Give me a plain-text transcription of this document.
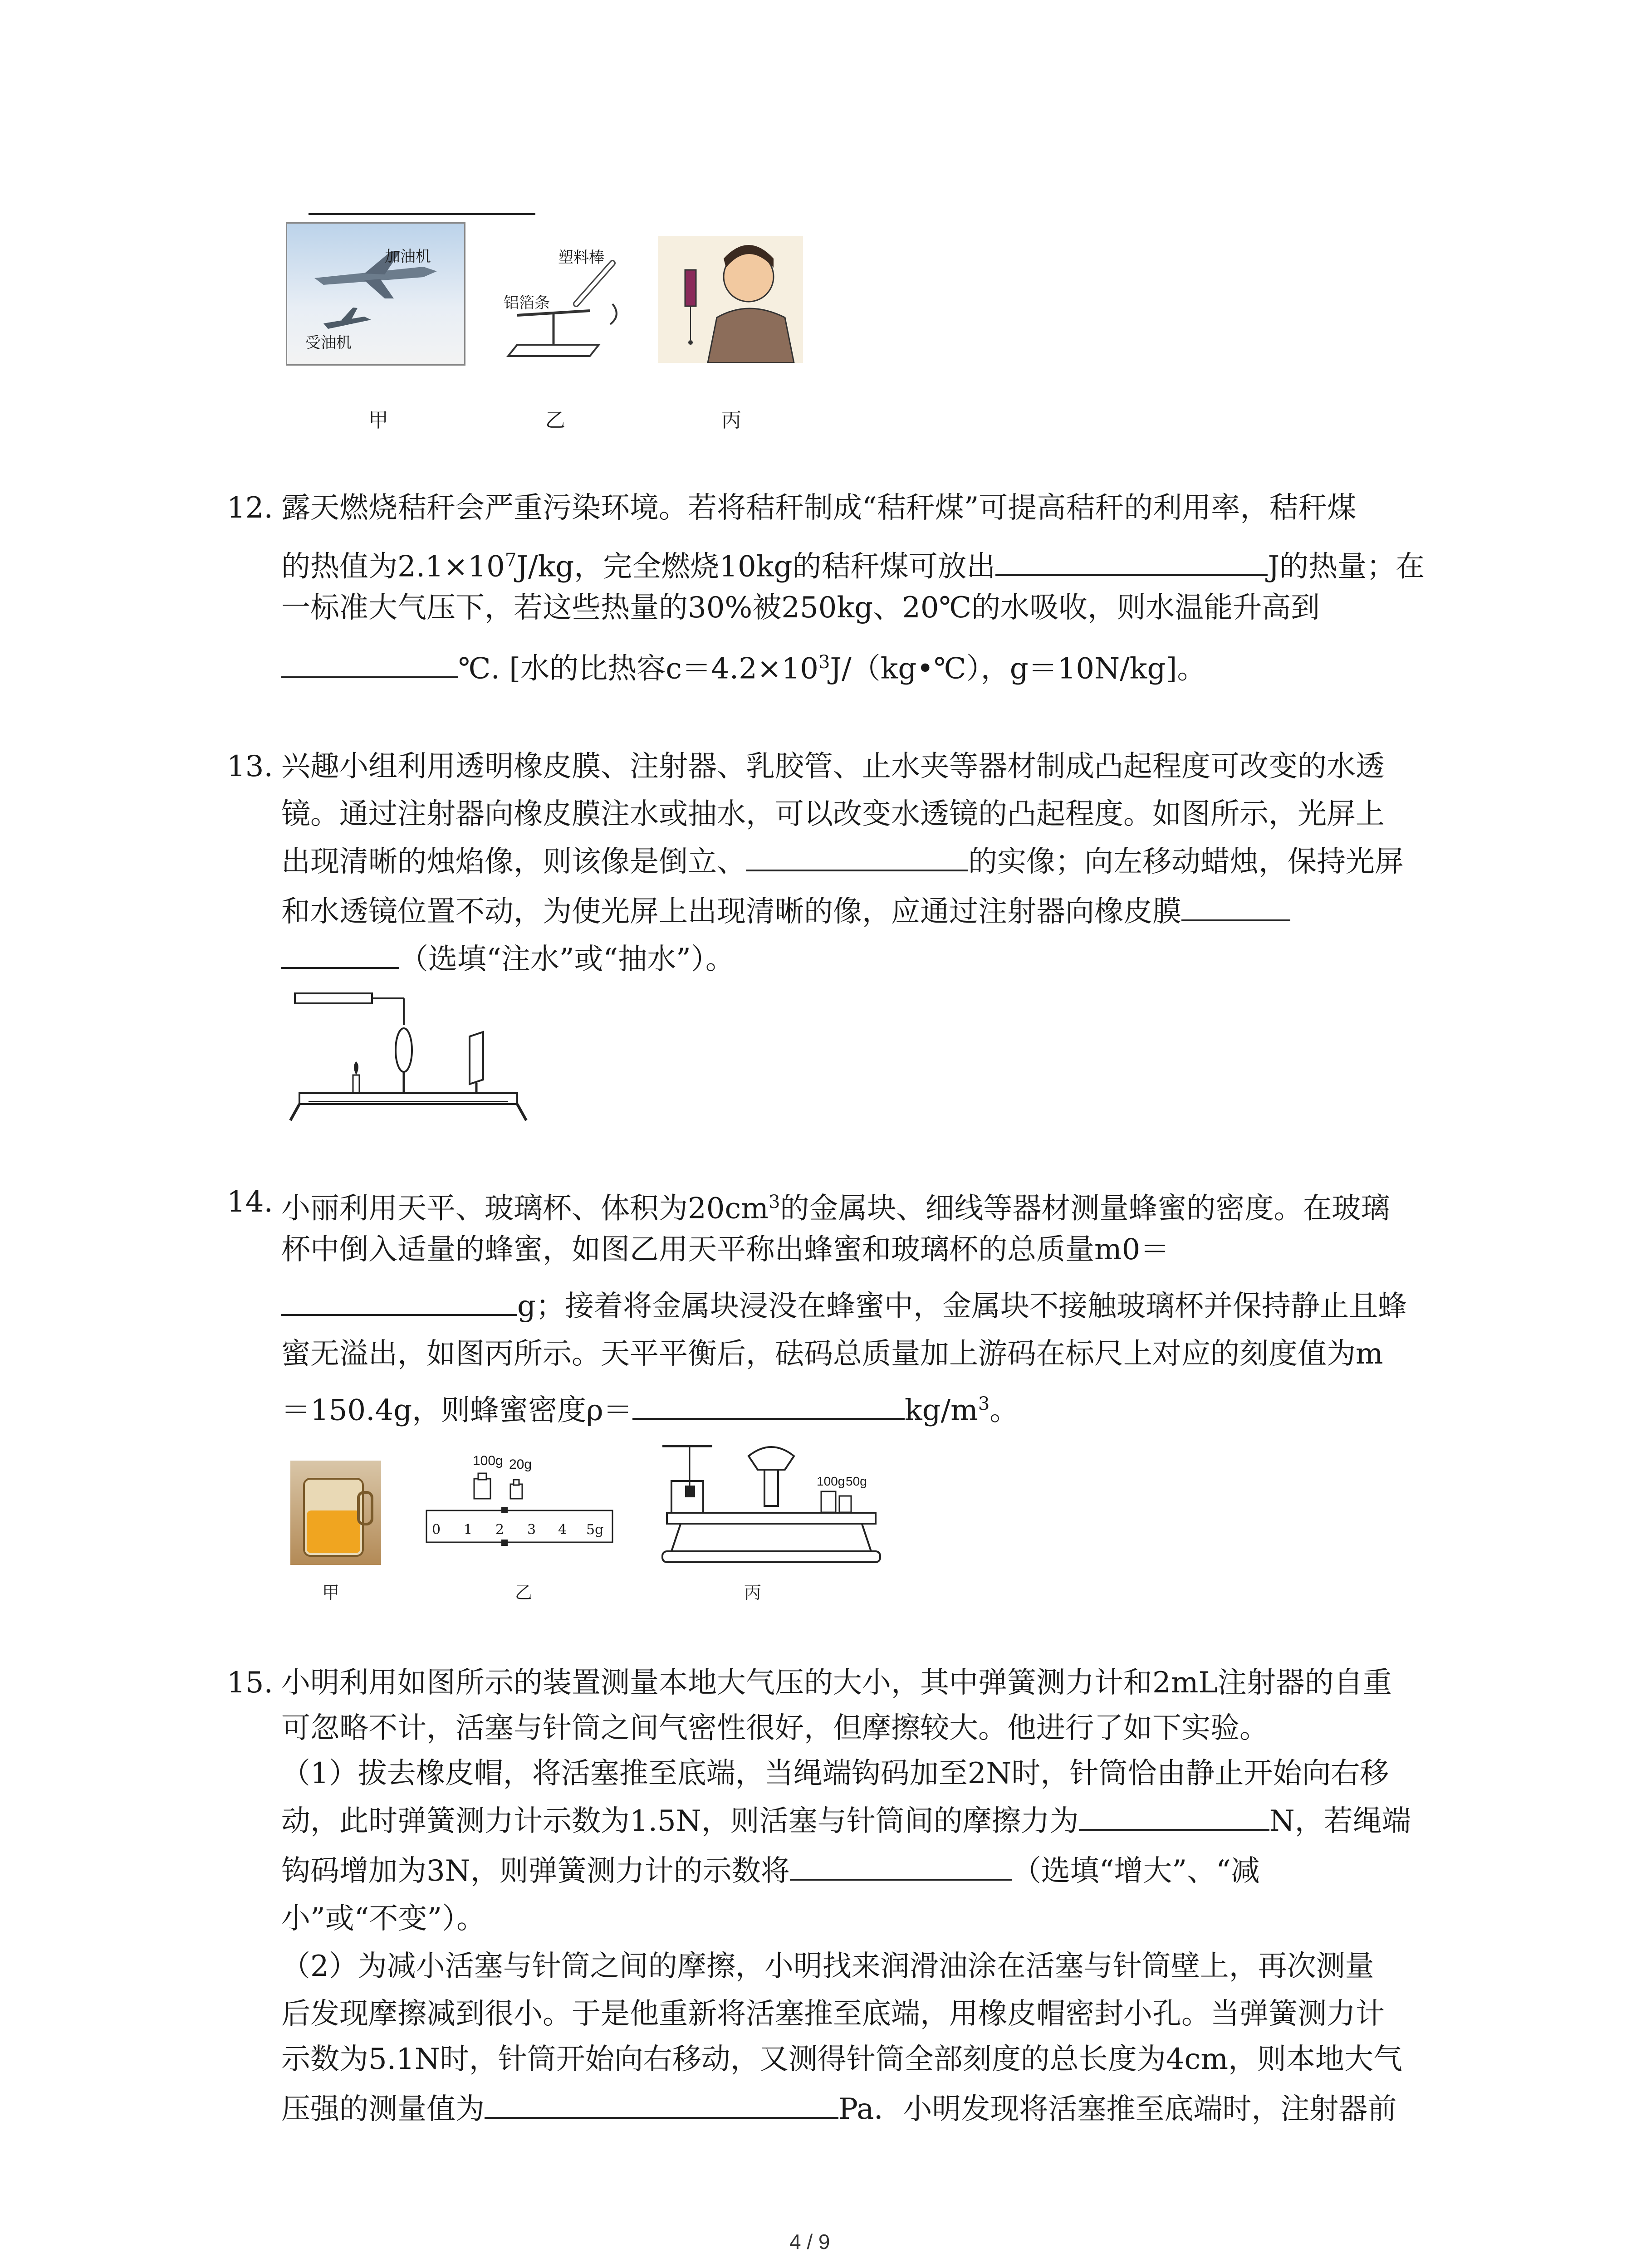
加油机
受油机
塑料棒
铝箔条
甲	乙	丙
12. 露天燃烧秸秆会严重污染环境。若将秸秆制成“秸秆煤”可提高秸秆的利用率，秸秆煤
的热值为$2.1\times 10^7J/kg$，完全燃烧10kg的秸秆煤可放出	J的热量；在
一标准大气压下，若这些热量的30%被250kg、20℃的水吸收，则水温能升高到
℃. [水的比热容$c=4.2\times 10^3J/(kg•℃)$，g＝10N/kg]。
13. 兴趣小组利用透明橡皮膜、注射器、乳胶管、止水夹等器材制成凸起程度可改变的水透
镜。通过注射器向橡皮膜注水或抽水，可以改变水透镜的凸起程度。如图所示，光屏上
出现清晰的烛焰像，则该像是倒立、	的实像；向左移动蜡烛，保持光屏
和水透镜位置不动，为使光屏上出现清晰的像，应通过注射器向橡皮膜
（选填“注水”或“抽水”）。
14. 小丽利用天平、玻璃杯、体积为$20cm^3$的金属块、细线等器材测量蜂蜜的密度。在玻璃
杯中倒入适量的蜂蜜，如图乙用天平称出蜂蜜和玻璃杯的总质量m0＝
g；接着将金属块浸没在蜂蜜中，金属块不接触玻璃杯并保持静止且蜂
蜜无溢出，如图丙所示。天平平衡后，砝码总质量加上游码在标尺上对应的刻度值为m
＝150.4g，则蜂蜜密度ρ＝	$kg/m^3$。
100g 20g
0 1 2 3 4 5g
100g 50g
甲	乙	丙
15. 小明利用如图所示的装置测量本地大气压的大小，其中弹簧测力计和2mL注射器的自重
可忽略不计，活塞与针筒之间气密性很好，但摩擦较大。他进行了如下实验。
（1）拔去橡皮帽，将活塞推至底端，当绳端钩码加至2N时，针筒恰由静止开始向右移
动，此时弹簧测力计示数为1.5N，则活塞与针筒间的摩擦力为	N，若绳端
钩码增加为3N，则弹簧测力计的示数将	（选填“增大”、“减
小”或“不变”）。
（2）为减小活塞与针筒之间的摩擦，小明找来润滑油涂在活塞与针筒壁上，再次测量
后发现摩擦减到很小。于是他重新将活塞推至底端，用橡皮帽密封小孔。当弹簧测力计
示数为5.1N时，针筒开始向右移动，又测得针筒全部刻度的总长度为4cm，则本地大气
压强的测量值为	Pa．小明发现将活塞推至底端时，注射器前
4 / 9
